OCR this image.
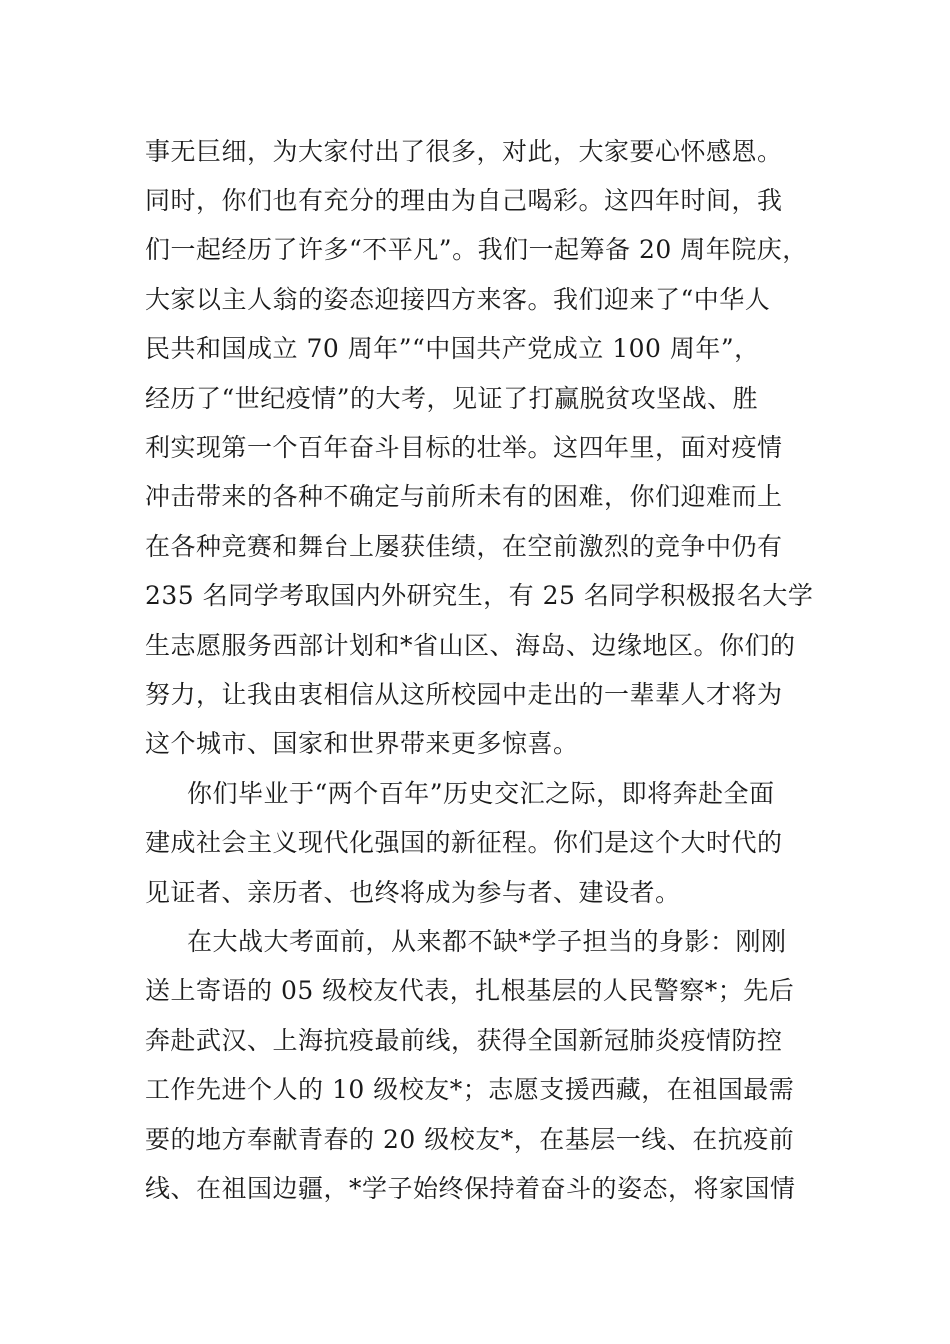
事无巨细，为大家付出了很多，对此，大家要心怀感恩。
同时，你们也有充分的理由为自己喝彩。这四年时间，我
们一起经历了许多“不平凡”。我们一起筹备 20 周年院庆，
大家以主人翁的姿态迎接四方来客。我们迎来了“中华人
民共和国成立 70 周年”“中国共产党成立 100 周年”，
经历了“世纪疫情”的大考，见证了打赢脱贫攻坚战、胜
利实现第一个百年奋斗目标的壮举。这四年里，面对疫情
冲击带来的各种不确定与前所未有的困难，你们迎难而上
在各种竞赛和舞台上屡获佳绩，在空前激烈的竞争中仍有
235 名同学考取国内外研究生，有 25 名同学积极报名大学
生志愿服务西部计划和*省山区、海岛、边缘地区。你们的
努力，让我由衷相信从这所校园中走出的一辈辈人才将为
这个城市、国家和世界带来更多惊喜。
你们毕业于“两个百年”历史交汇之际，即将奔赴全面
建成社会主义现代化强国的新征程。你们是这个大时代的
见证者、亲历者、也终将成为参与者、建设者。
在大战大考面前，从来都不缺*学子担当的身影：刚刚
送上寄语的 05 级校友代表，扎根基层的人民警察*；先后
奔赴武汉、上海抗疫最前线，获得全国新冠肺炎疫情防控
工作先进个人的 10 级校友*；志愿支援西藏，在祖国最需
要的地方奉献青春的 20 级校友*，在基层一线、在抗疫前
线、在祖国边疆，*学子始终保持着奋斗的姿态，将家国情
